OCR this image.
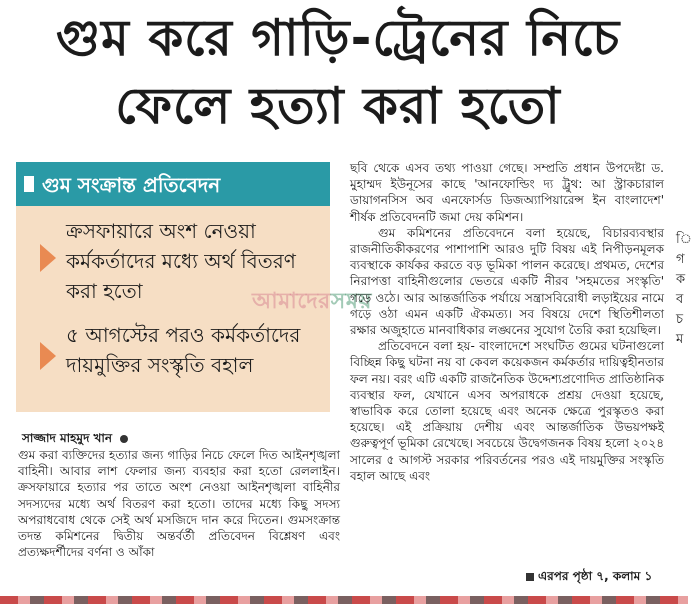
গুম করে গাড়ি-ট্রেনের নিচে
ফেলে হত্যা করা হতো
গুম সংক্রান্ত প্রতিবেদন
ক্রসফায়ারে অংশ নেওয়া কর্মকর্তাদের মধ্যে অর্থ বিতরণ করা হতো
৫ আগস্টের পরও কর্মকর্তাদের দায়মুক্তির সংস্কৃতি বহাল
আমাদেরসময়
সাজ্জাদ মাহমুদ খান

গুম করা ব্যক্তিদের হত্যার জন্য গাড়ির নিচে ফেলে দিত আইনশৃঙ্খলা বাহিনী। আবার লাশ ফেলার জন্য ব্যবহার করা হতো রেললাইন। ক্রসফায়ারে হত্যার পর তাতে অংশ নেওয়া আইনশৃঙ্খলা বাহিনীর সদস্যদের মধ্যে অর্থ বিতরণ করা হতো। তাদের মধ্যে কিছু সদস্য অপরাধবোধ থেকে সেই অর্থ মসজিদে দান করে দিতেন। গুমসংক্রান্ত তদন্ত কমিশনের দ্বিতীয় অন্তর্বর্তী প্রতিবেদন বিশ্লেষণ এবং প্রত্যক্ষদর্শীদের বর্ণনা ও আঁকা

ছবি থেকে এসব তথ্য পাওয়া গেছে। সম্প্রতি প্রধান উপদেষ্টা ড. মুহাম্মদ ইউনূসের কাছে 'আনফোল্ডিং দ্য ট্রুথ: আ স্ট্রাকচারাল ডায়াগনসিস অব এনফোর্সড ডিজঅ্যাপিয়ারেন্স ইন বাংলাদেশ' শীর্ষক প্রতিবেদনটি জমা দেয় কমিশন।

গুম কমিশনের প্রতিবেদনে বলা হয়েছে, বিচারব্যবস্থার রাজনীতিকীকরণের পাশাপাশি আরও দুটি বিষয় এই নিপীড়নমূলক ব্যবস্থাকে কার্যকর করতে বড় ভূমিকা পালন করেছে। প্রথমত, দেশের নিরাপত্তা বাহিনীগুলোর ভেতরে একটি নীরব 'সহমতের সংস্কৃতি' গড়ে ওঠে। আর আন্তর্জাতিক পর্যায়ে সন্ত্রাসবিরোধী লড়াইয়ের নামে গড়ে ওঠা এমন একটি ঐকমত্য। সব বিষয়ে দেশে স্থিতিশীলতা রক্ষার অজুহাতে মানবাধিকার লঙ্ঘনের সুযোগ তৈরি করা হয়েছিল।

প্রতিবেদনে বলা হয়- বাংলাদেশে সংঘটিত গুমের ঘটনাগুলো বিচ্ছিন্ন কিছু ঘটনা নয় বা কেবল কয়েকজন কর্মকর্তার দায়িত্বহীনতার ফল নয়। বরং এটি একটি রাজনৈতিক উদ্দেশ্যপ্রণোদিত প্রাতিষ্ঠানিক ব্যবস্থার ফল, যেখানে এসব অপরাধকে প্রশ্রয় দেওয়া হয়েছে, স্বাভাবিক করে তোলা হয়েছে এবং অনেক ক্ষেত্রে পুরস্কৃতও করা হয়েছে। এই প্রক্রিয়ায় দেশীয় এবং আন্তর্জাতিক উভয়পক্ষই গুরুত্বপূর্ণ ভূমিকা রেখেছে। সবচেয়ে উদ্বেগজনক বিষয় হলো ২০২৪ সালের ৫ আগস্ট সরকার পরিবর্তনের পরও এই দায়মুক্তির সংস্কৃতি বহাল আছে এবং

এরপর পৃষ্ঠা ৭, কলাম ১
ি গ ক ব চ ম
